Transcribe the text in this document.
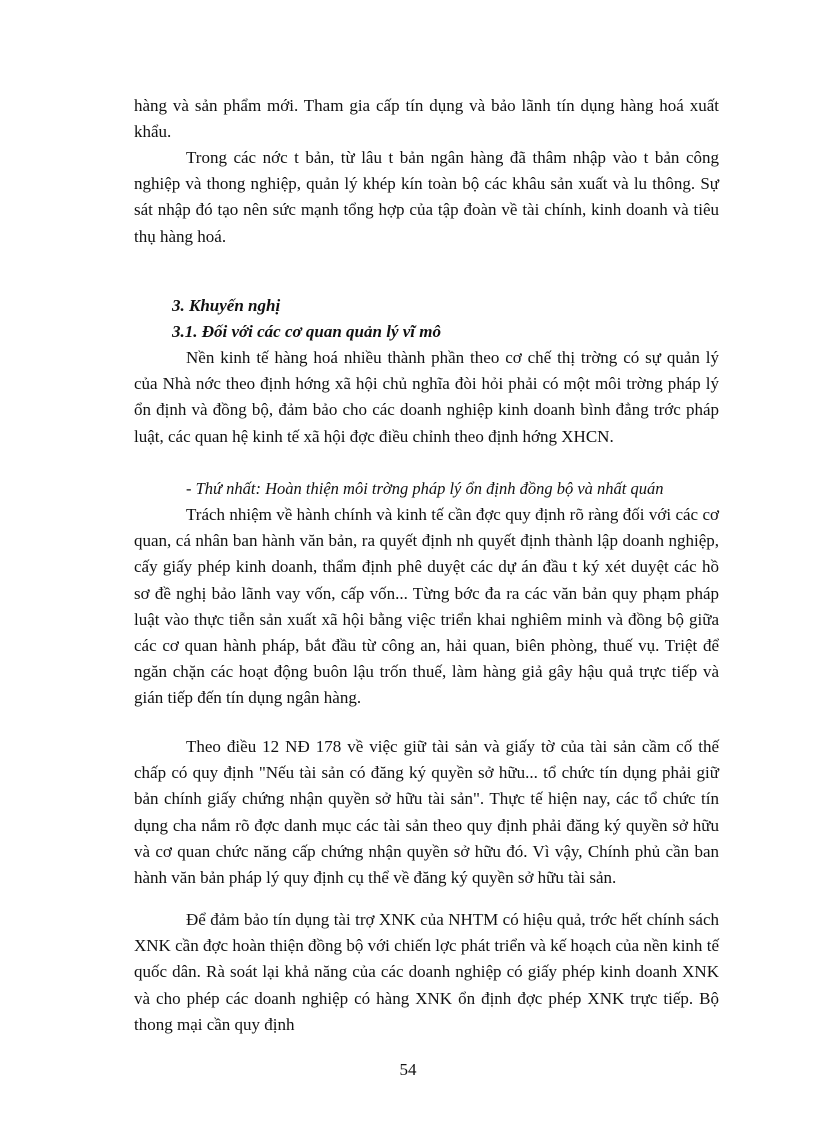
hàng và sản phẩm mới. Tham gia cấp tín dụng và bảo lãnh tín dụng hàng hoá xuất khẩu.

Trong các nớc t bản, từ lâu t bản ngân hàng đã thâm nhập vào t bản công nghiệp và thong nghiệp, quản lý khép kín toàn bộ các khâu sản xuất và lu thông. Sự sát nhập đó tạo nên sức mạnh tổng hợp của tập đoàn về tài chính, kinh doanh và tiêu thụ hàng hoá.

3. Khuyến nghị
3.1. Đối với các cơ quan quản lý vĩ mô

Nền kinh tế hàng hoá nhiều thành phần theo cơ chế thị trờng có sự quản lý của Nhà nớc theo định hớng xã hội chủ nghĩa đòi hỏi phải có một môi trờng pháp lý ổn định và đồng bộ, đảm bảo cho các doanh nghiệp kinh doanh bình đẳng trớc pháp luật, các quan hệ kinh tế xã hội đợc điều chỉnh theo định hớng XHCN.

- Thứ nhất: Hoàn thiện môi trờng pháp lý ổn định đồng bộ và nhất quán

Trách nhiệm về hành chính và kinh tế cần đợc quy định rõ ràng đối với các cơ quan, cá nhân ban hành văn bản, ra quyết định nh quyết định thành lập doanh nghiệp, cấy giấy phép kinh doanh, thẩm định phê duyệt các dự án đầu t ký xét duyệt các hồ sơ đề nghị bảo lãnh vay vốn, cấp vốn... Từng bớc đa ra các văn bản quy phạm pháp luật vào thực tiễn sản xuất xã hội bằng việc triển khai nghiêm minh và đồng bộ giữa các cơ quan hành pháp, bắt đầu từ công an, hải quan, biên phòng, thuế vụ. Triệt để ngăn chặn các hoạt động buôn lậu trốn thuế, làm hàng giả gây hậu quả trực tiếp và gián tiếp đến tín dụng ngân hàng.

Theo điều 12 NĐ 178 về việc giữ tài sản và giấy tờ của tài sản cầm cố thế chấp có quy định "Nếu tài sản có đăng ký quyền sở hữu... tổ chức tín dụng phải giữ bản chính giấy chứng nhận quyền sở hữu tài sản". Thực tế hiện nay, các tổ chức tín dụng cha nắm rõ đợc danh mục các tài sản theo quy định phải đăng ký quyền sở hữu và cơ quan chức năng cấp chứng nhận quyền sở hữu đó. Vì vậy, Chính phủ cần ban hành văn bản pháp lý quy định cụ thể về đăng ký quyền sở hữu tài sản.

Để đảm bảo tín dụng tài trợ XNK của NHTM có hiệu quả, trớc hết chính sách XNK cần đợc hoàn thiện đồng bộ với chiến lợc phát triển và kế hoạch của nền kinh tế quốc dân. Rà soát lại khả năng của các doanh nghiệp có giấy phép kinh doanh XNK và cho phép các doanh nghiệp có hàng XNK ổn định đợc phép XNK trực tiếp. Bộ thong mại cần quy định

54
